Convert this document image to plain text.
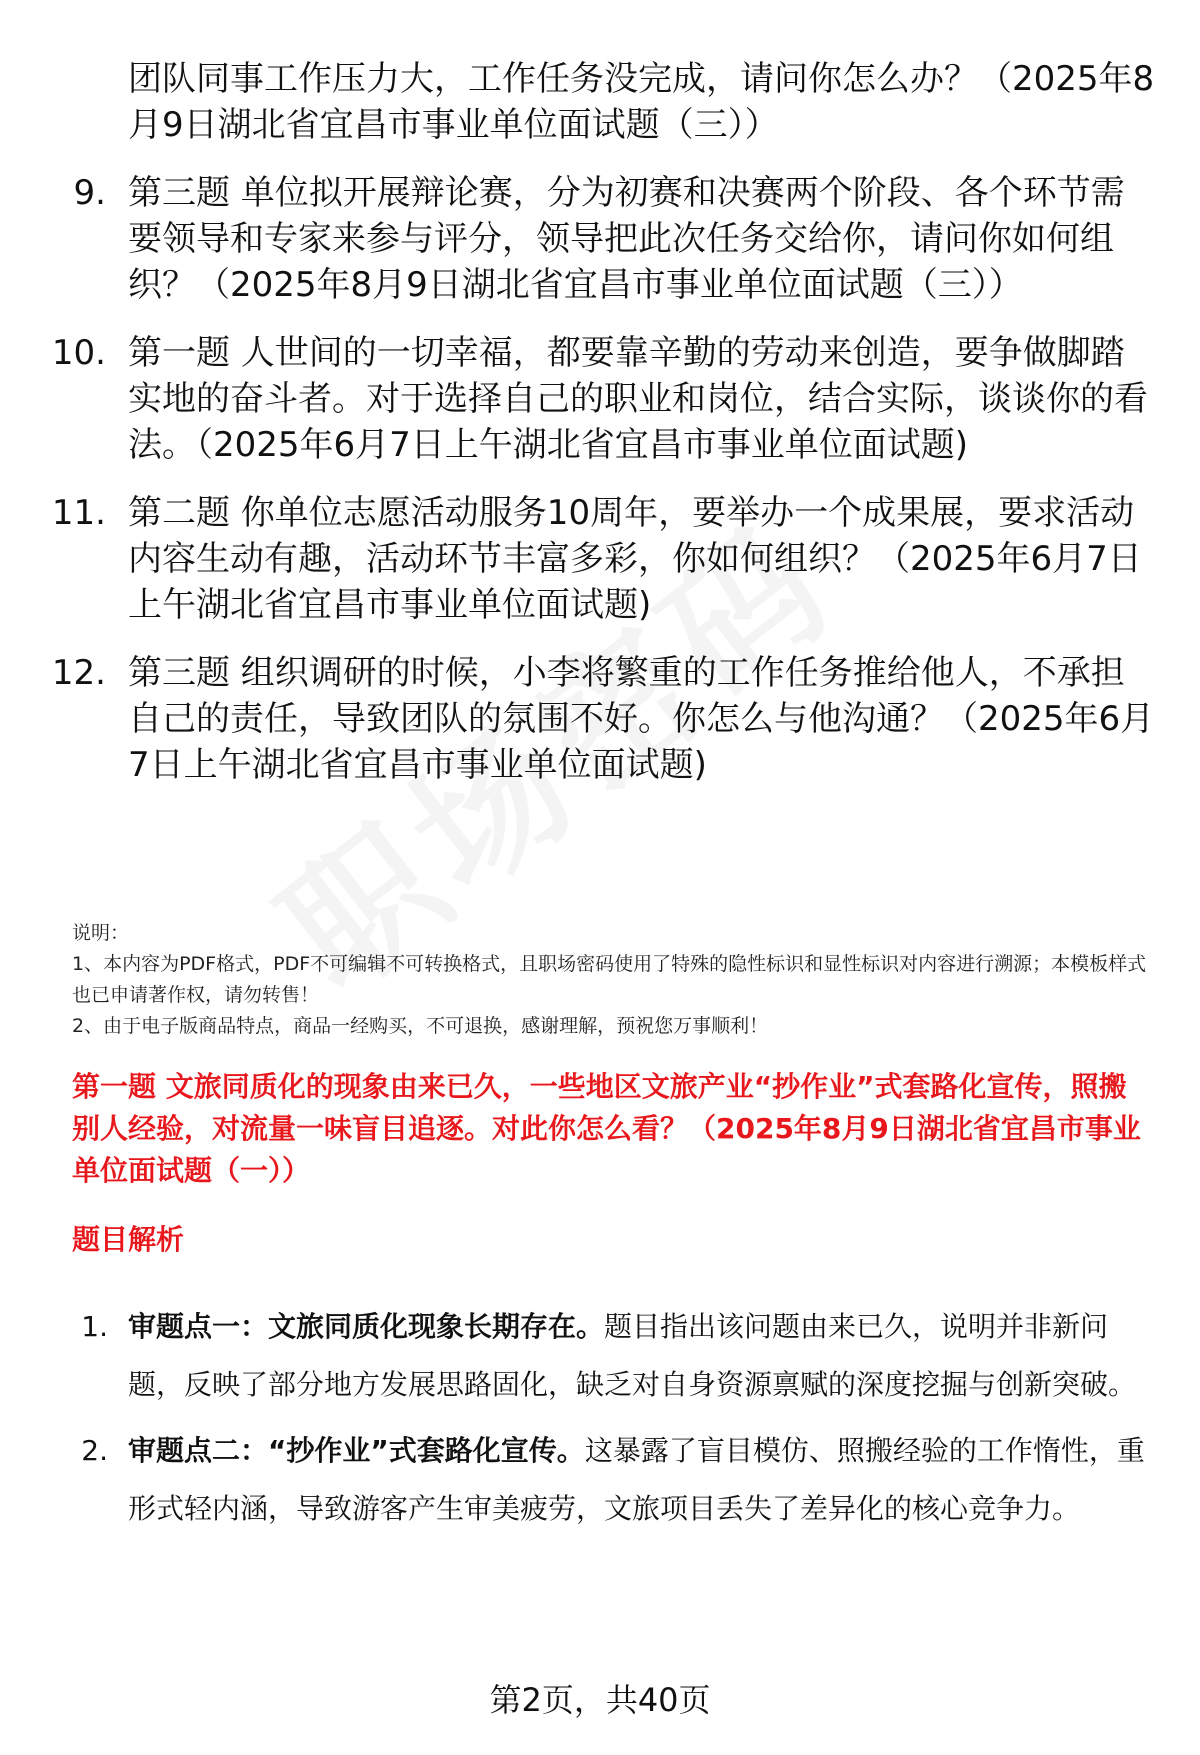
团队同事工作压力大，工作任务没完成，请问你怎么办？（2025年8月9日湖北省宜昌市事业单位面试题（三））
9. 第三题 单位拟开展辩论赛，分为初赛和决赛两个阶段、各个环节需要领导和专家来参与评分，领导把此次任务交给你，请问你如何组织？（2025年8月9日湖北省宜昌市事业单位面试题（三））
10. 第一题 人世间的一切幸福，都要靠辛勤的劳动来创造，要争做脚踏实地的奋斗者。对于选择自己的职业和岗位，结合实际，谈谈你的看法。（2025年6月7日上午湖北省宜昌市事业单位面试题)
11. 第二题 你单位志愿活动服务10周年，要举办一个成果展，要求活动内容生动有趣，活动环节丰富多彩，你如何组织？（2025年6月7日上午湖北省宜昌市事业单位面试题)
12. 第三题 组织调研的时候，小李将繁重的工作任务推给他人，不承担自己的责任，导致团队的氛围不好。你怎么与他沟通？（2025年6月7日上午湖北省宜昌市事业单位面试题)
说明：
1、本内容为PDF格式，PDF不可编辑不可转换格式，且职场密码使用了特殊的隐性标识和显性标识对内容进行溯源；本模板样式也已申请著作权，请勿转售！
2、由于电子版商品特点，商品一经购买，不可退换，感谢理解，预祝您万事顺利！
第一题 文旅同质化的现象由来已久，一些地区文旅产业“抄作业”式套路化宣传，照搬别人经验，对流量一味盲目追逐。对此你怎么看？（2025年8月9日湖北省宜昌市事业单位面试题（一））
题目解析
1. 审题点一：文旅同质化现象长期存在。题目指出该问题由来已久，说明并非新问题，反映了部分地方发展思路固化，缺乏对自身资源禀赋的深度挖掘与创新突破。
2. 审题点二：“抄作业”式套路化宣传。这暴露了盲目模仿、照搬经验的工作惰性，重形式轻内涵，导致游客产生审美疲劳，文旅项目丢失了差异化的核心竞争力。
第2页，共40页
